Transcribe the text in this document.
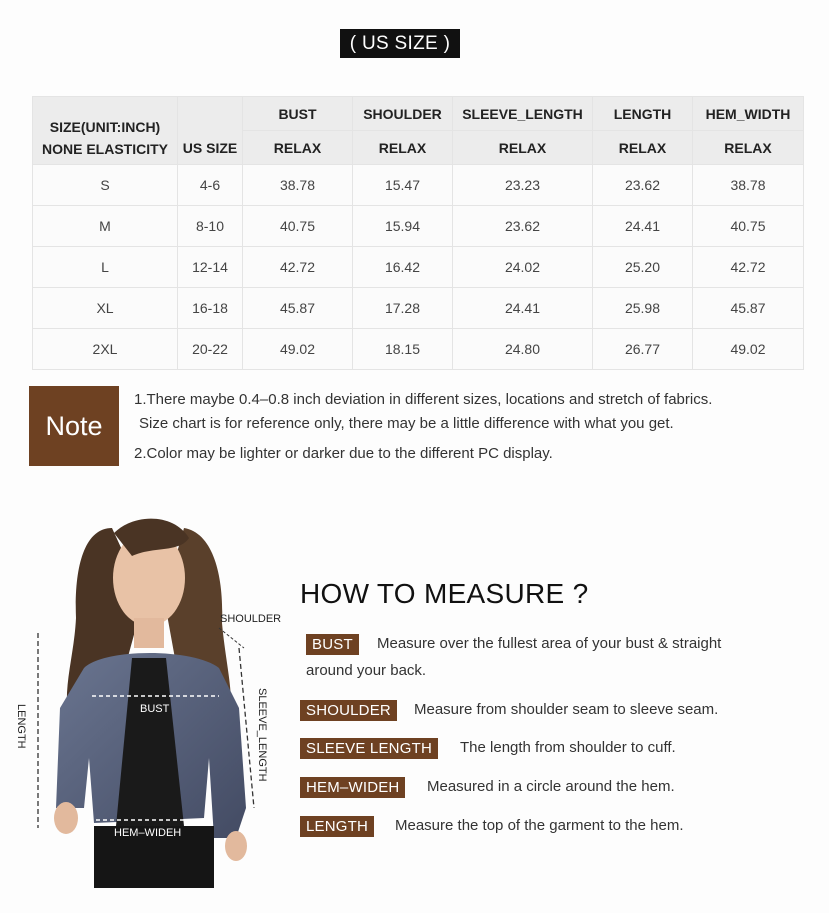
( US SIZE )
SIZE(UNIT:INCH)
NONE ELASTICITY	US SIZE	BUST	SHOULDER	SLEEVE_LENGTH	LENGTH	HEM_WIDTH
		RELAX	RELAX	RELAX	RELAX	RELAX
S	4-6	38.78	15.47	23.23	23.62	38.78
M	8-10	40.75	15.94	23.62	24.41	40.75
L	12-14	42.72	16.42	24.02	25.20	42.72
XL	16-18	45.87	17.28	24.41	25.98	45.87
2XL	20-22	49.02	18.15	24.80	26.77	49.02
Note
1.There maybe 0.4–0.8 inch deviation in different sizes, locations and stretch of fabrics.
Size chart is for reference only, there may be a little difference with what you get.
2.Color may be lighter or darker due to the different PC display.
SHOULDER
BUST
HEM–WIDEH
LENGTH	SLEEVE_LENGTH
HOW TO MEASURE ?
BUST	Measure over the fullest area of your bust & straight
around your back.
SHOULDER	Measure from shoulder seam to sleeve seam.
SLEEVE LENGTH	The length from shoulder to cuff.
HEM–WIDEH	Measured in a circle around the hem.
LENGTH	Measure the top of the garment to the hem.
